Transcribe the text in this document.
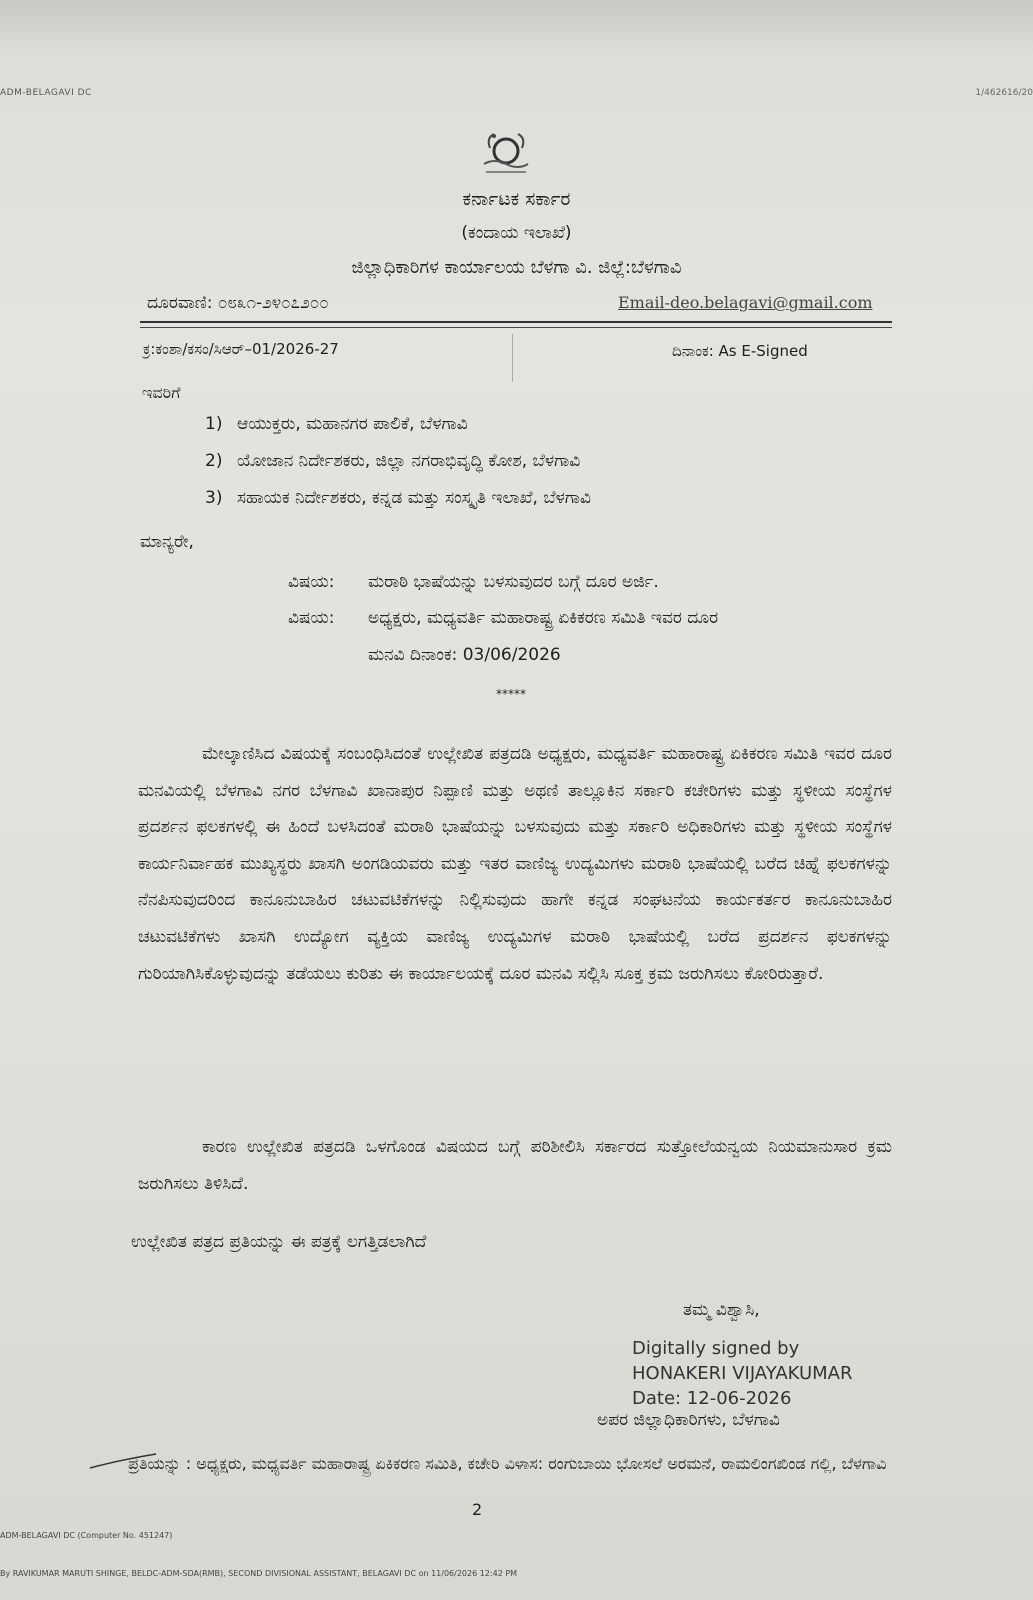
ADM-BELAGAVI DC	1/462616/20
ಕರ್ನಾಟಕ ಸರ್ಕಾರ
(ಕಂದಾಯ ಇಲಾಖೆ)
ಜಿಲ್ಲಾಧಿಕಾರಿಗಳ ಕಾರ್ಯಾಲಯ ಬೆಳಗಾ ವಿ. ಜಿಲ್ಲೆ:ಬೆಳಗಾವಿ
ದೂರವಾಣಿ: ೦೮೩೧-೨೪೦೭೨೦೦	Email-deo.belagavi@gmail.com
ಕ್ರ:ಕಂಶಾ/ಕಸಂ/ಸಿಆರ್–01/2026-27	ದಿನಾಂಕ: As E-Signed
ಇವರಿಗೆ
1) ಆಯುಕ್ತರು, ಮಹಾನಗರ ಪಾಲಿಕೆ, ಬೆಳಗಾವಿ
2) ಯೋಜಾನ ನಿರ್ದೇಶಕರು, ಜಿಲ್ಲಾ ನಗರಾಭಿವೃದ್ಧಿ ಕೋಶ, ಬೆಳಗಾವಿ
3) ಸಹಾಯಕ ನಿರ್ದೇಶಕರು, ಕನ್ನಡ ಮತ್ತು ಸಂಸ್ಕೃತಿ ಇಲಾಖೆ, ಬೆಳಗಾವಿ
ಮಾನ್ಯರೇ,
ವಿಷಯ: ಮರಾಠಿ ಭಾಷೆಯನ್ನು ಬಳಸುವುದರ ಬಗ್ಗೆ ದೂರ ಅರ್ಜಿ.
ವಿಷಯ: ಅಧ್ಯಕ್ಷರು, ಮಧ್ಯವರ್ತಿ ಮಹಾರಾಷ್ಟ್ರ ಏಕಿಕರಣ ಸಮಿತಿ ಇವರ ದೂರ
ಮನವಿ ದಿನಾಂಕ: 03/06/2026
*****
ಮೇಲ್ಕಾಣಿಸಿದ ವಿಷಯಕ್ಕೆ ಸಂಬಂಧಿಸಿದಂತೆ ಉಲ್ಲೇಖಿತ ಪತ್ರದಡಿ ಅಧ್ಯಕ್ಷರು, ಮಧ್ಯವರ್ತಿ ಮಹಾರಾಷ್ಟ್ರ ಏಕಿಕರಣ ಸಮಿತಿ ಇವರ ದೂರ ಮನವಿಯಲ್ಲಿ ಬೆಳಗಾವಿ ನಗರ ಬೆಳಗಾವಿ ಖಾನಾಪುರ ನಿಪ್ಪಾಣಿ ಮತ್ತು ಅಥಣಿ ತಾಲ್ಲೂಕಿನ ಸರ್ಕಾರಿ ಕಚೇರಿಗಳು ಮತ್ತು ಸ್ಥಳೀಯ ಸಂಸ್ಥೆಗಳ ಪ್ರದರ್ಶನ ಫಲಕಗಳಲ್ಲಿ ಈ ಹಿಂದೆ ಬಳಸಿದಂತೆ ಮರಾಠಿ ಭಾಷೆಯನ್ನು ಬಳಸುವುದು ಮತ್ತು ಸರ್ಕಾರಿ ಅಧಿಕಾರಿಗಳು ಮತ್ತು ಸ್ಥಳೀಯ ಸಂಸ್ಥೆಗಳ ಕಾರ್ಯನಿರ್ವಾಹಕ ಮುಖ್ಯಸ್ಥರು ಖಾಸಗಿ ಅಂಗಡಿಯವರು ಮತ್ತು ಇತರ ವಾಣಿಜ್ಯ ಉದ್ಯಮಿಗಳು ಮರಾಠಿ ಭಾಷೆಯಲ್ಲಿ ಬರೆದ ಚಿಹ್ನೆ ಫಲಕಗಳನ್ನು ನೆನಪಿಸುವುದರಿಂದ ಕಾನೂನುಬಾಹಿರ ಚಟುವಟಿಕೆಗಳನ್ನು ನಿಲ್ಲಿಸುವುದು ಹಾಗೇ ಕನ್ನಡ ಸಂಘಟನೆಯ ಕಾರ್ಯಕರ್ತರ ಕಾನೂನುಬಾಹಿರ ಚಟುವಟಿಕೆಗಳು ಖಾಸಗಿ ಉದ್ಯೋಗ ವ್ಯಕ್ತಿಯ ವಾಣಿಜ್ಯ ಉದ್ಯಮಿಗಳ ಮರಾಠಿ ಭಾಷೆಯಲ್ಲಿ ಬರೆದ ಪ್ರದರ್ಶನ ಫಲಕಗಳನ್ನು ಗುರಿಯಾಗಿಸಿಕೊಳ್ಳುವುದನ್ನು ತಡೆಯಲು ಕುರಿತು ಈ ಕಾರ್ಯಾಲಯಕ್ಕೆ ದೂರ ಮನವಿ ಸಲ್ಲಿಸಿ ಸೂಕ್ತ ಕ್ರಮ ಜರುಗಿಸಲು ಕೋರಿರುತ್ತಾರೆ.
ಕಾರಣ ಉಲ್ಲೇಖಿತ ಪತ್ರದಡಿ ಒಳಗೊಂಡ ವಿಷಯದ ಬಗ್ಗೆ ಪರಿಶೀಲಿಸಿ ಸರ್ಕಾರದ ಸುತ್ತೋಲೆಯನ್ವಯ ನಿಯಮಾನುಸಾರ ಕ್ರಮ ಜರುಗಿಸಲು ತಿಳಿಸಿದೆ.
ಉಲ್ಲೇಖಿತ ಪತ್ರದ ಪ್ರತಿಯನ್ನು ಈ ಪತ್ರಕ್ಕೆ ಲಗತ್ತಿಡಲಾಗಿದೆ
ತಮ್ಮ ವಿಶ್ವಾಸಿ,
Digitally signed by
HONAKERI VIJAYAKUMAR
Date: 12-06-2026
ಅಪರ ಜಿಲ್ಲಾಧಿಕಾರಿಗಳು, ಬೆಳಗಾವಿ
ಪ್ರತಿಯನ್ನು : ಅಧ್ಯಕ್ಷರು, ಮಧ್ಯವರ್ತಿ ಮಹಾರಾಷ್ಟ್ರ ಏಕಿಕರಣ ಸಮಿತಿ, ಕಚೇರಿ ವಿಳಾಸ: ರಂಗುಬಾಯಿ ಭೋಸಲೆ ಅರಮನೆ, ರಾಮಲಿಂಗಖಿಂಡ ಗಲ್ಲಿ, ಬೆಳಗಾವಿ
2
ADM-BELAGAVI DC (Computer No. 451247)
By RAVIKUMAR MARUTI SHINGE, BELDC-ADM-SDA(RMB), SECOND DIVISIONAL ASSISTANT, BELAGAVI DC on 11/06/2026 12:42 PM
